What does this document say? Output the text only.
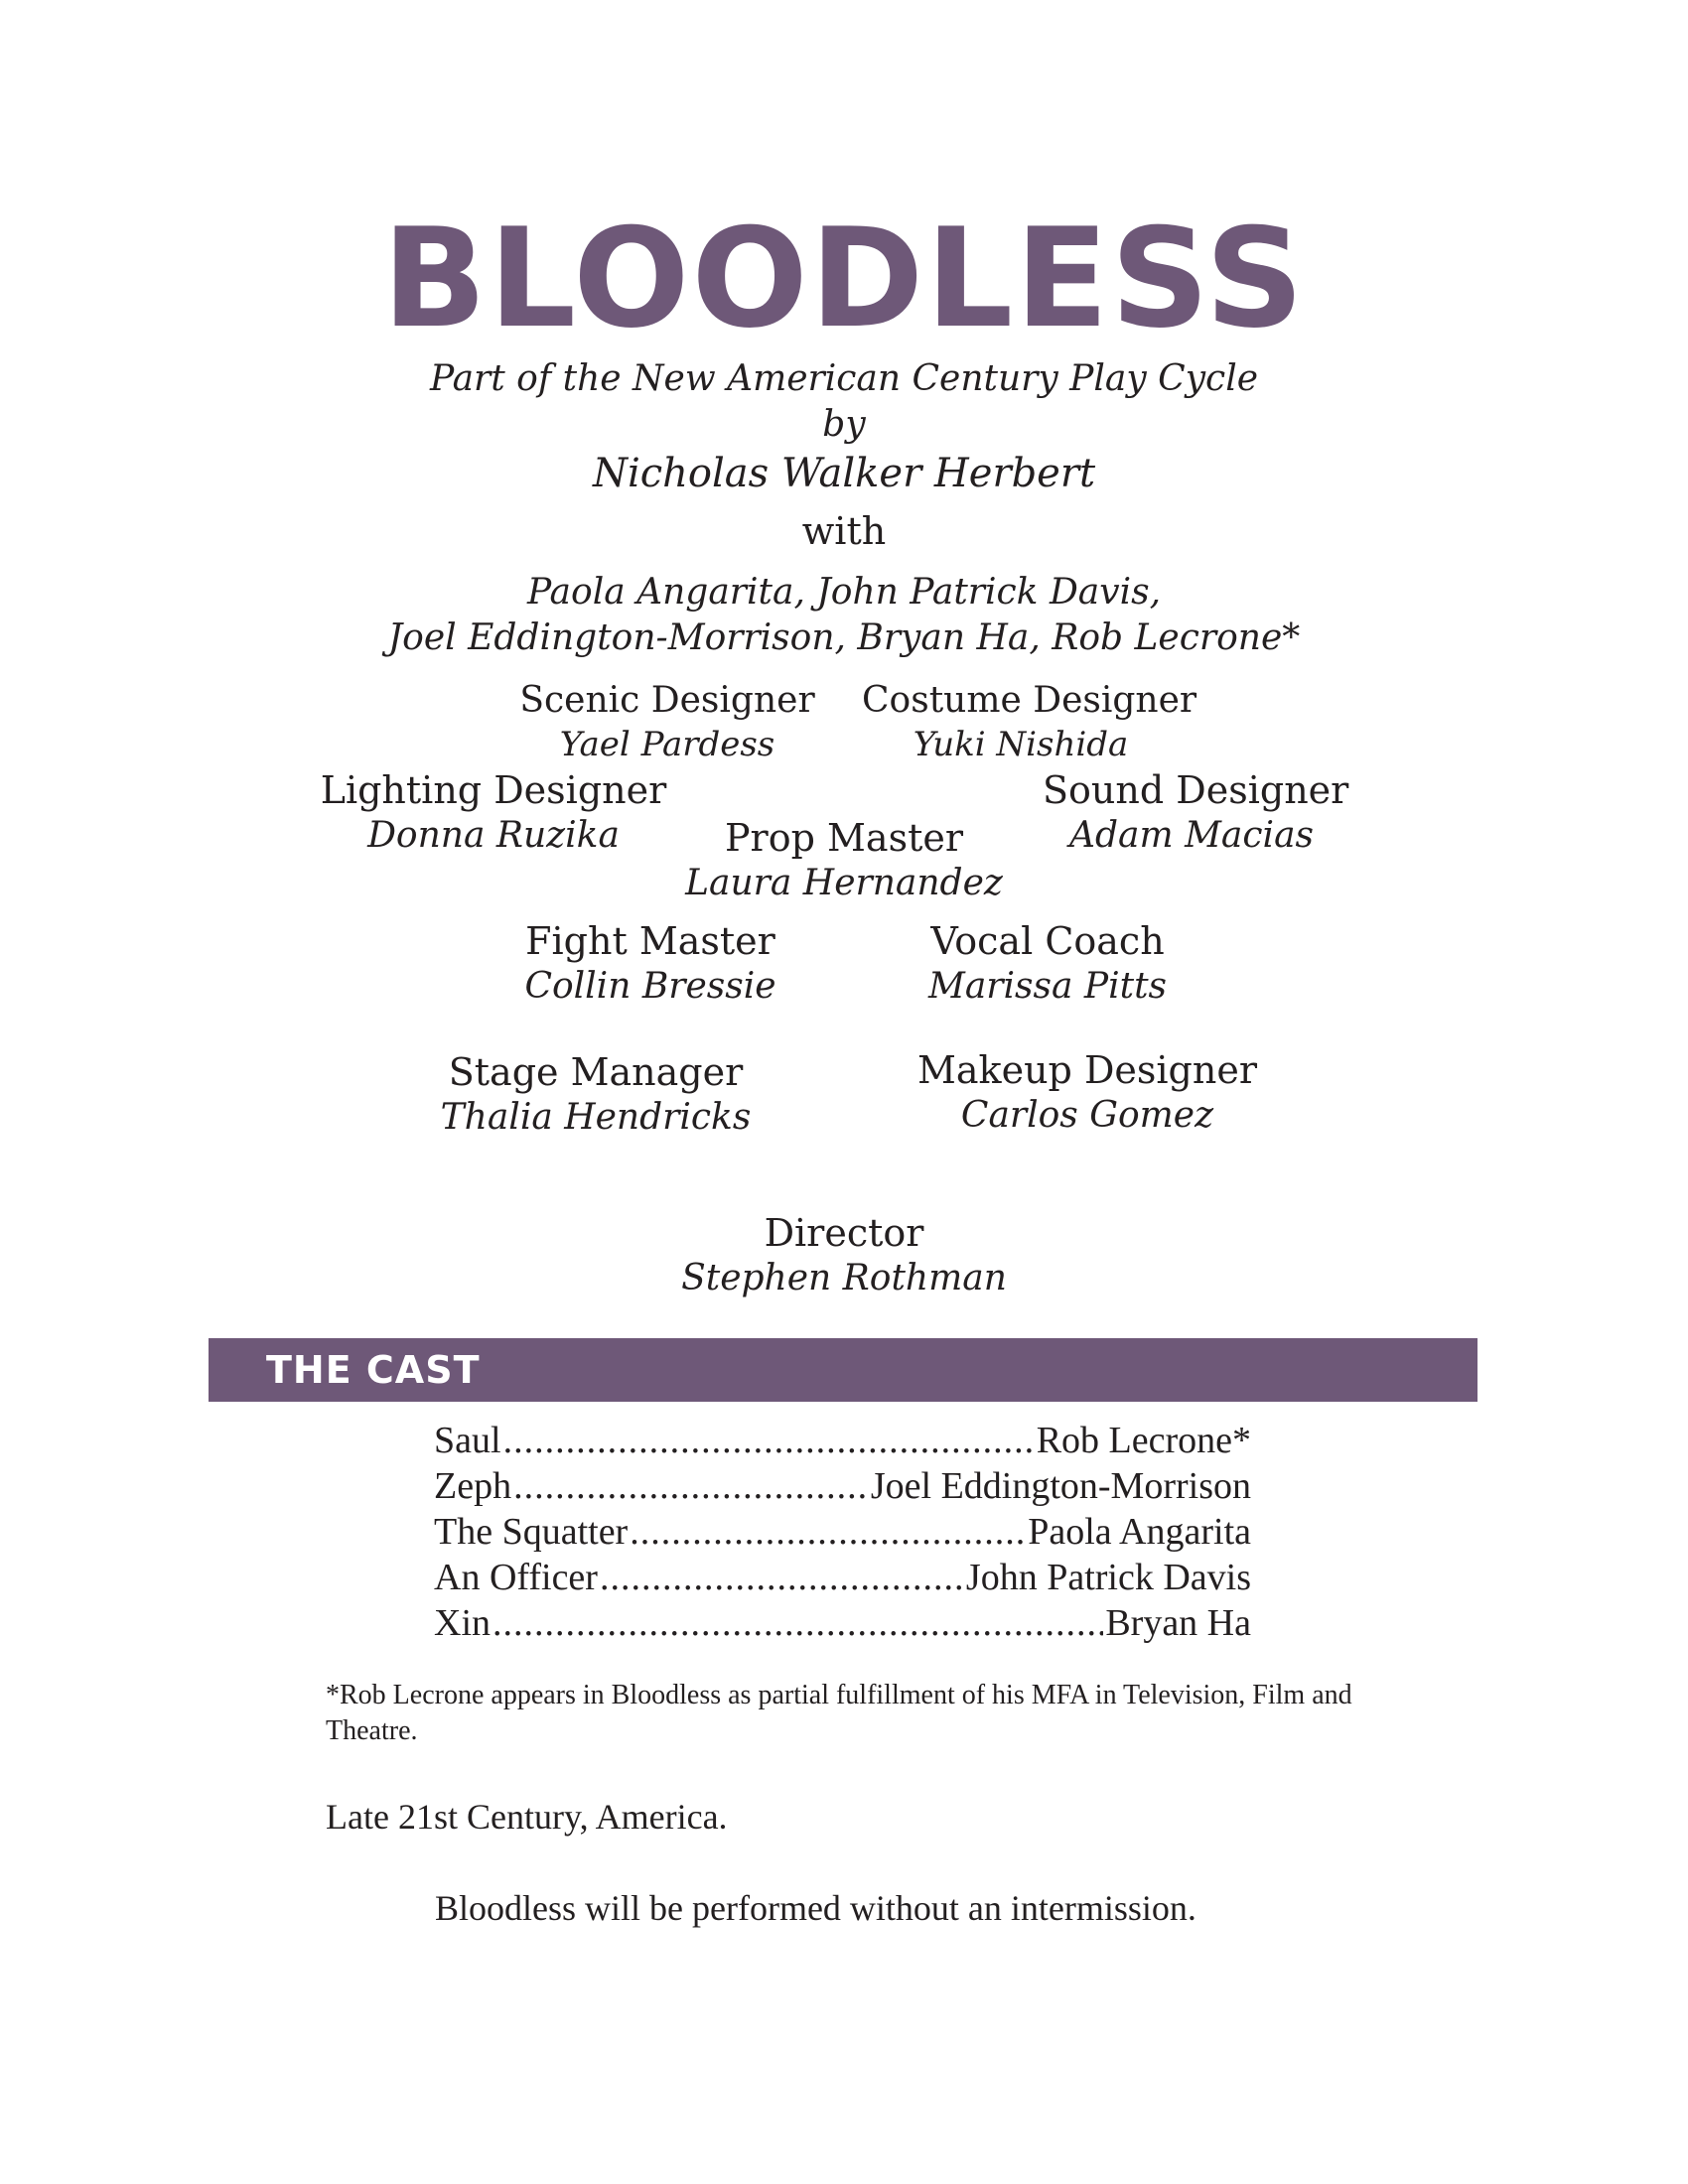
BLOODLESS
Part of the New American Century Play Cycle
by
Nicholas Walker Herbert
with
Paola Angarita, John Patrick Davis,
Joel Eddington-Morrison, Bryan Ha, Rob Lecrone*
Scenic Designer
Yael Pardess
Costume Designer
Yuki Nishida
Lighting Designer
Donna Ruzika
Sound Designer
Adam Macias
Prop Master
Laura Hernandez
Fight Master
Collin Bressie
Vocal Coach
Marissa Pitts
Stage Manager
Thalia Hendricks
Makeup Designer
Carlos Gomez
Director
Stephen Rothman
THE CAST
Saul .....	Rob Lecrone*
Zeph .....	Joel Eddington-Morrison
The Squatter .....	Paola Angarita
An Officer .....	John Patrick Davis
Xin .....	Bryan Ha
*Rob Lecrone appears in Bloodless as partial fulfillment of his MFA in Television, Film and Theatre.
Late 21st Century, America.
Bloodless will be performed without an intermission.
